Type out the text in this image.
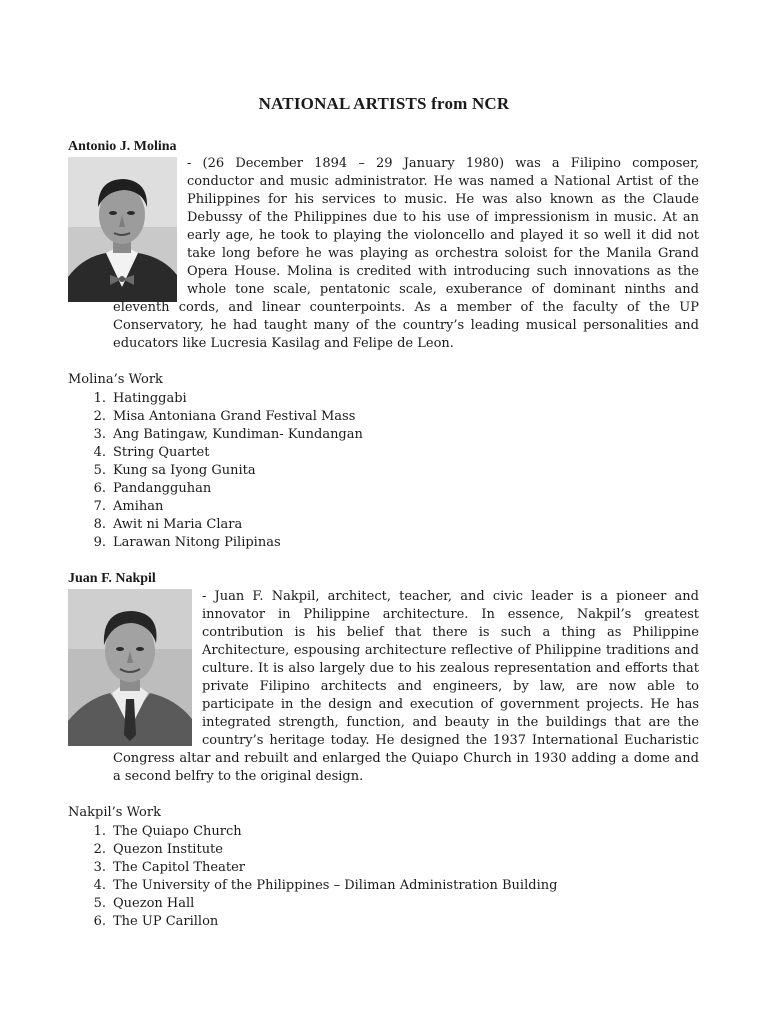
NATIONAL ARTISTS from NCR
Antonio J. Molina
- (26 December 1894 – 29 January 1980) was a Filipino composer,
conductor and music administrator. He was named a National Artist of the
Philippines for his services to music. He was also known as the Claude
Debussy of the Philippines due to his use of impressionism in music. At an
early age, he took to playing the violoncello and played it so well it did not
take long before he was playing as orchestra soloist for the Manila Grand
Opera House. Molina is credited with introducing such innovations as the
whole tone scale, pentatonic scale, exuberance of dominant ninths and
eleventh cords, and linear counterpoints. As a member of the faculty of the UP
Conservatory, he had taught many of the country’s leading musical personalities and
educators like Lucresia Kasilag and Felipe de Leon.
Molina’s Work
1. Hatinggabi
2. Misa Antoniana Grand Festival Mass
3. Ang Batingaw, Kundiman- Kundangan
4. String Quartet
5. Kung sa Iyong Gunita
6. Pandangguhan
7. Amihan
8. Awit ni Maria Clara
9. Larawan Nitong Pilipinas
Juan F. Nakpil
- Juan F. Nakpil, architect, teacher, and civic leader is a pioneer and
innovator in Philippine architecture. In essence, Nakpil’s greatest
contribution is his belief that there is such a thing as Philippine
Architecture, espousing architecture reflective of Philippine traditions and
culture. It is also largely due to his zealous representation and efforts that
private Filipino architects and engineers, by law, are now able to
participate in the design and execution of government projects. He has
integrated strength, function, and beauty in the buildings that are the
country’s heritage today. He designed the 1937 International Eucharistic
Congress altar and rebuilt and enlarged the Quiapo Church in 1930 adding a dome and
a second belfry to the original design.
Nakpil’s Work
1. The Quiapo Church
2. Quezon Institute
3. The Capitol Theater
4. The University of the Philippines – Diliman Administration Building
5. Quezon Hall
6. The UP Carillon
